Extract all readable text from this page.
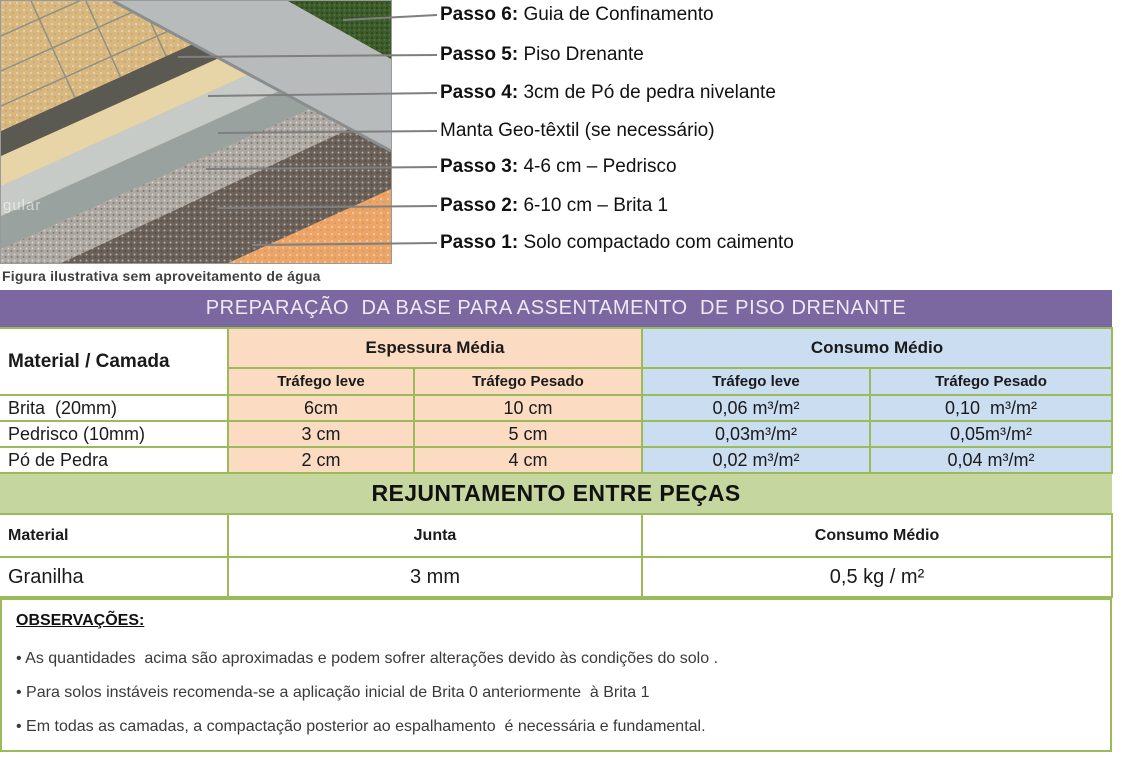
gular
Passo 6: Guia de Confinamento
Passo 5: Piso Drenante
Passo 4: 3cm de Pó de pedra nivelante
Manta Geo-têxtil (se necessário)
Passo 3: 4-6 cm – Pedrisco
Passo 2: 6-10 cm – Brita 1
Passo 1: Solo compactado com caimento
Figura ilustrativa sem aproveitamento de água
PREPARAÇÃO  DA BASE PARA ASSENTAMENTO  DE PISO DRENANTE				
Material / Camada	Espessura Média		Consumo Médio	
	Tráfego leve	Tráfego Pesado	Tráfego leve	Tráfego Pesado
Brita  (20mm)	6cm	10 cm	0,06 m³/m²	0,10  m³/m²
Pedrisco (10mm)	3 cm	5 cm	0,03m³/m²	0,05m³/m²
Pó de Pedra	2 cm	4 cm	0,02 m³/m²	0,04 m³/m²
REJUNTAMENTO ENTRE PEÇAS		
Material	Junta	Consumo Médio
Granilha	3 mm	0,5 kg / m²
OBSERVAÇÕES:
• As quantidades  acima são aproximadas e podem sofrer alterações devido às condições do solo .
• Para solos instáveis recomenda-se a aplicação inicial de Brita 0 anteriormente  à Brita 1
• Em todas as camadas, a compactação posterior ao espalhamento  é necessária e fundamental.
